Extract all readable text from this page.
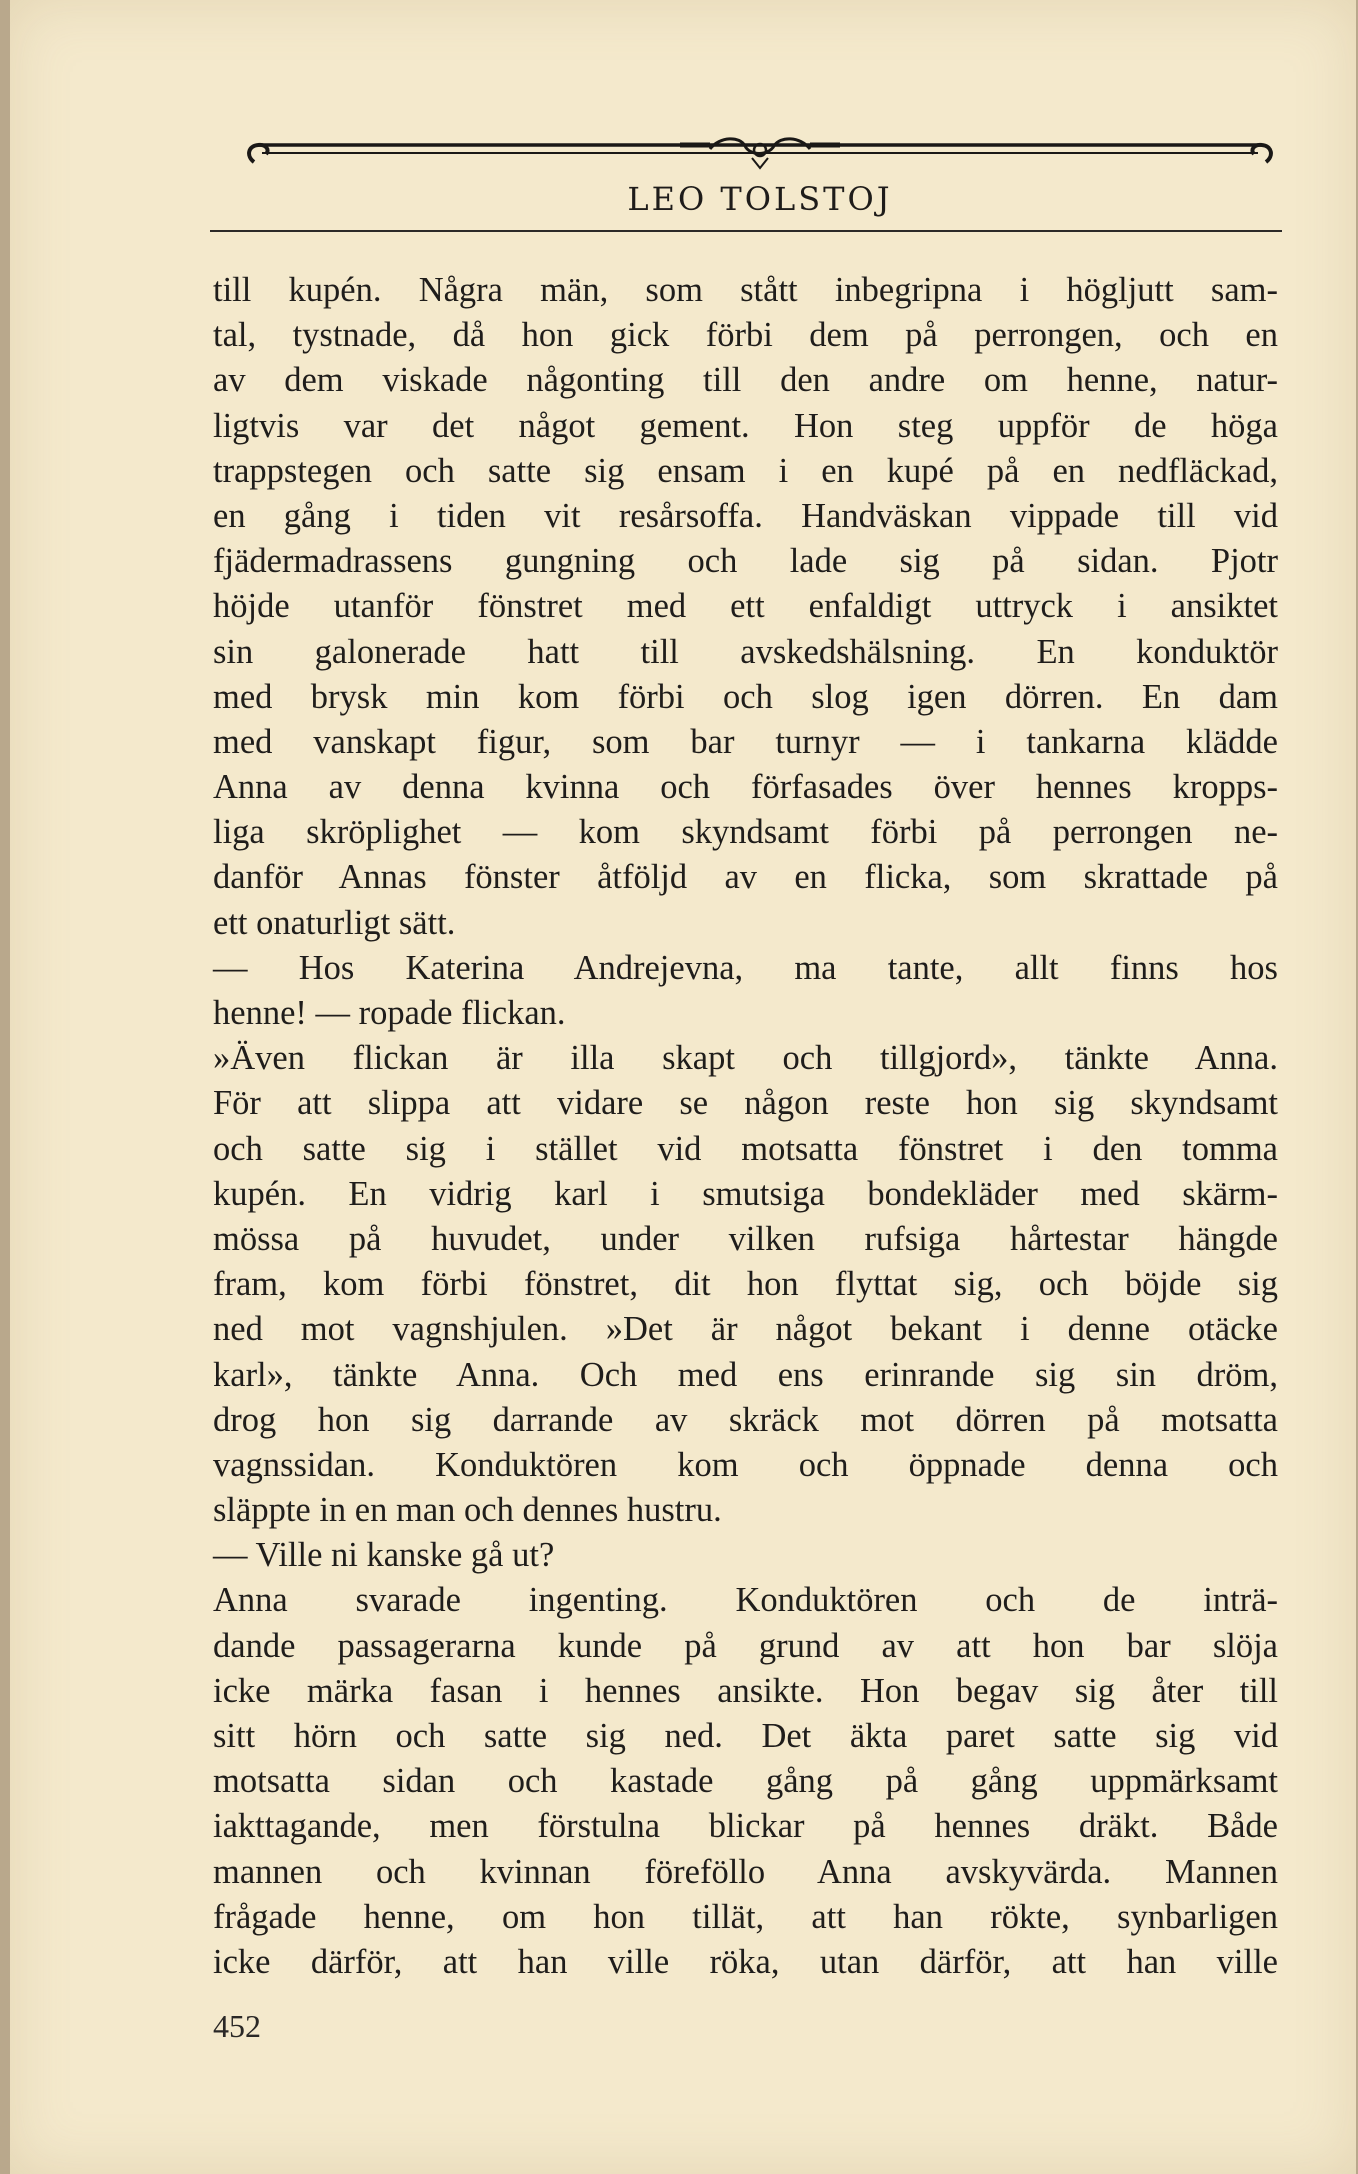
LEO TOLSTOJ
till kupén. Några män, som stått inbegripna i högljutt sam-
tal, tystnade, då hon gick förbi dem på perrongen, och en
av dem viskade någonting till den andre om henne, natur-
ligtvis var det något gement. Hon steg uppför de höga
trappstegen och satte sig ensam i en kupé på en nedfläckad,
en gång i tiden vit resårsoffa. Handväskan vippade till vid
fjädermadrassens gungning och lade sig på sidan. Pjotr
höjde utanför fönstret med ett enfaldigt uttryck i ansiktet
sin galonerade hatt till avskedshälsning. En konduktör
med brysk min kom förbi och slog igen dörren. En dam
med vanskapt figur, som bar turnyr — i tankarna klädde
Anna av denna kvinna och förfasades över hennes kropps-
liga skröplighet — kom skyndsamt förbi på perrongen ne-
danför Annas fönster åtföljd av en flicka, som skrattade på
ett onaturligt sätt.
— Hos Katerina Andrejevna, ma tante, allt finns hos
henne! — ropade flickan.
»Även flickan är illa skapt och tillgjord», tänkte Anna.
För att slippa att vidare se någon reste hon sig skyndsamt
och satte sig i stället vid motsatta fönstret i den tomma
kupén. En vidrig karl i smutsiga bondekläder med skärm-
mössa på huvudet, under vilken rufsiga hårtestar hängde
fram, kom förbi fönstret, dit hon flyttat sig, och böjde sig
ned mot vagnshjulen. »Det är något bekant i denne otäcke
karl», tänkte Anna. Och med ens erinrande sig sin dröm,
drog hon sig darrande av skräck mot dörren på motsatta
vagnssidan. Konduktören kom och öppnade denna och
släppte in en man och dennes hustru.
— Ville ni kanske gå ut?
Anna svarade ingenting. Konduktören och de inträ-
dande passagerarna kunde på grund av att hon bar slöja
icke märka fasan i hennes ansikte. Hon begav sig åter till
sitt hörn och satte sig ned. Det äkta paret satte sig vid
motsatta sidan och kastade gång på gång uppmärksamt
iakttagande, men förstulna blickar på hennes dräkt. Både
mannen och kvinnan föreföllo Anna avskyvärda. Mannen
frågade henne, om hon tillät, att han rökte, synbarligen
icke därför, att han ville röka, utan därför, att han ville
452
